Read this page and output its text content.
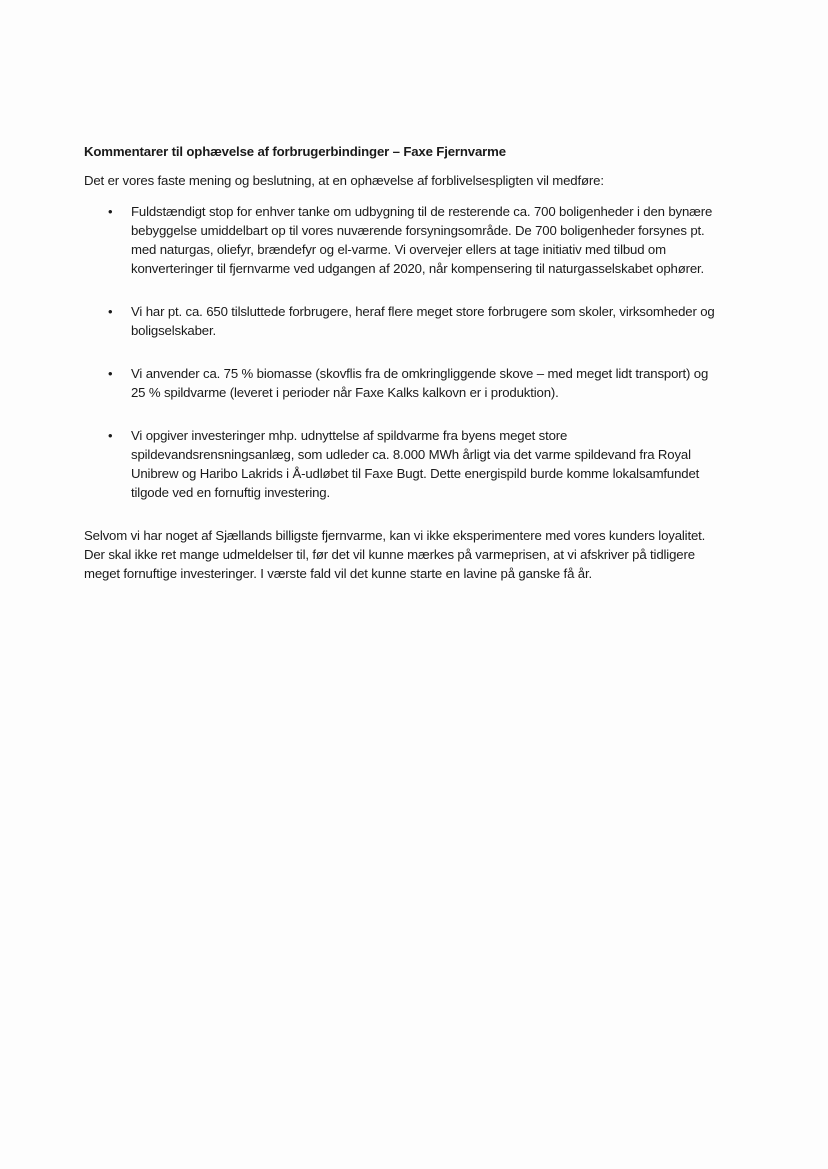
Kommentarer til ophævelse af forbrugerbindinger – Faxe Fjernvarme

Det er vores faste mening og beslutning, at en ophævelse af forblivelsespligten vil medføre:

• Fuldstændigt stop for enhver tanke om udbygning til de resterende ca. 700 boligenheder i den bynære bebyggelse umiddelbart op til vores nuværende forsyningsområde. De 700 boligenheder forsynes pt. med naturgas, oliefyr, brændefyr og el-varme. Vi overvejer ellers at tage initiativ med tilbud om konverteringer til fjernvarme ved udgangen af 2020, når kompensering til naturgasselskabet ophører.
• Vi har pt. ca. 650 tilsluttede forbrugere, heraf flere meget store forbrugere som skoler, virksomheder og boligselskaber.
• Vi anvender ca. 75 % biomasse (skovflis fra de omkringliggende skove – med meget lidt transport) og 25 % spildvarme (leveret i perioder når Faxe Kalks kalkovn er i produktion).
• Vi opgiver investeringer mhp. udnyttelse af spildvarme fra byens meget store spildevandsrensningsanlæg, som udleder ca. 8.000 MWh årligt via det varme spildevand fra Royal Unibrew og Haribo Lakrids i Å-udløbet til Faxe Bugt. Dette energispild burde komme lokalsamfundet tilgode ved en fornuftig investering.

Selvom vi har noget af Sjællands billigste fjernvarme, kan vi ikke eksperimentere med vores kunders loyalitet. Der skal ikke ret mange udmeldelser til, før det vil kunne mærkes på varmeprisen, at vi afskriver på tidligere meget fornuftige investeringer. I værste fald vil det kunne starte en lavine på ganske få år.
